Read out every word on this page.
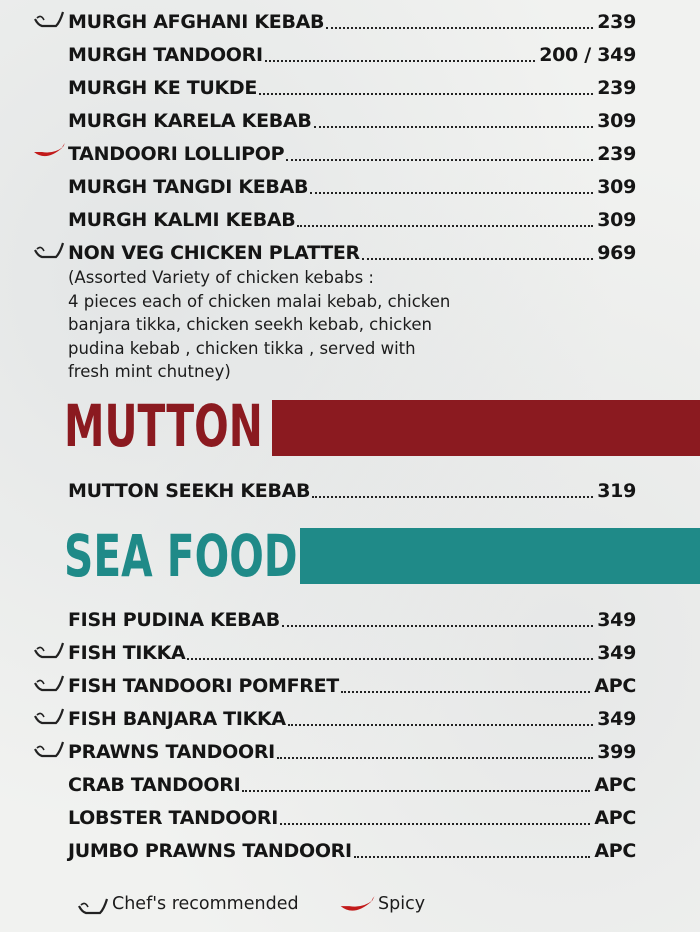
MURGH AFGHANI KEBAB	239
MURGH TANDOORI	200 / 349
MURGH KE TUKDE	239
MURGH KARELA KEBAB	309
TANDOORI LOLLIPOP	239
MURGH TANGDI KEBAB	309
MURGH KALMI KEBAB	309
NON VEG CHICKEN PLATTER	969
(Assorted Variety of chicken kebabs :
4 pieces each of chicken malai kebab, chicken
banjara tikka, chicken seekh kebab, chicken
pudina kebab , chicken tikka , served with
fresh mint chutney)
MUTTON
MUTTON SEEKH KEBAB	319
SEA FOOD
FISH PUDINA KEBAB	349
FISH TIKKA	349
FISH TANDOORI POMFRET	APC
FISH BANJARA TIKKA	349
PRAWNS TANDOORI	399
CRAB TANDOORI	APC
LOBSTER TANDOORI	APC
JUMBO PRAWNS TANDOORI	APC
Chef's recommended	Spicy
